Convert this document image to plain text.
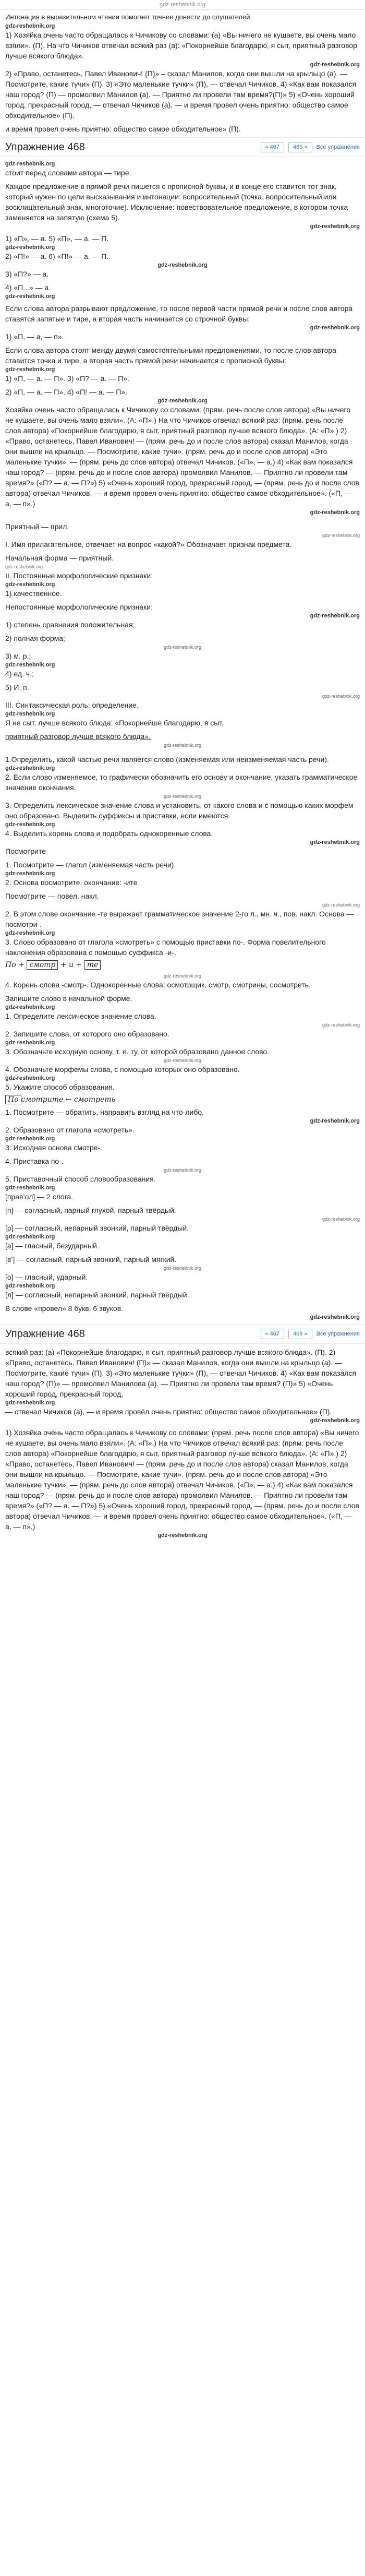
gdz-reshebnik.org

Интонация в выразительном чтении помогает точнее донести до слушателей

gdz-reshebnik.org

1) Хозяйка очень часто обращалась к Чичикову со словами: (а) «Вы ничего не кушаете, вы очень мало взяли». (П). На что Чичиков отвечал всякий раз (а): «Покорнейше благодарю, я сыт, приятный разговор лучше всякого блюда».

gdz-reshebnik.org

2) «Право, останетесь, Павел Иванович! (П)» – сказал Манилов, когда они вышли на крыльцо (а). — Посмотрите, какие тучи» (П). 3) «Это маленькие тучки» (П), — отвечал Чичиков. 4) «Как вам показался наш город? (П) — промолвил Манилов (а). — Приятно ли провели там время?(П)» 5) «Очень хороший город, прекрасный город, — отвечал Чичиков (а), — и время провел очень приятно: общество самое обходительное» (П).

и время провел очень приятно: общество самое обходительное» (П).

Упражнение 468	« 467	469 »	Все упражнения
gdz-reshebnik.org

стоит перед словами автора — тире.

Каждое предложение в прямой речи пишется с прописной буквы, и в конце его ставится тот знак, который нужен по цели высказывания и интонации: вопросительный (точка, вопросительный или восклицательный знак, многоточие). Исключение: повествовательное предложение, в котором точка заменяется на запятую (схема 5).

gdz-reshebnik.org

1) «П», — а. 5) «П», — а. — П.

gdz-reshebnik.org

2) «П!» — а. 6) «П!» — а. — П.

gdz-reshebnik.org

3) «П?» — а.

4) «П...» — а.

gdz-reshebnik.org

Если слова автора разрывают предложение, то после первой части прямой речи и после слов автора ставятся запятые и тире, а вторая часть начинается со строчной буквы:

gdz-reshebnik.org

1) «П, — а, — п».

Если слова автора стоят между двумя самостоятельными предложениями, то после слов автора ставится точка и тире, а вторая часть прямой речи начинается с прописной буквы:

gdz-reshebnik.org

1) «П, — а. — П». 3) «П? — а. — П».

2) «П, — а. — П». 4) «П! — а. — П».

gdz-reshebnik.org

Хозяйка очень часто обращалась к Чичикову со словами: (прям. речь после слов автора) «Вы ничего не кушаете, вы очень мало взяли». (А: «П».) На что Чичиков отвечал всякий раз: (прям. речь после слов автора) «Покорнейше благодарю, я сыт, приятный разговор лучше всякого блюда». (А: «П».) 2) «Право, останетесь, Павел Иванович! — (прям. речь до и после слов автора) сказал Манилов, когда они вышли на крыльцо. — Посмотрите, какие тучи». (прям. речь до и после слов автора) «Это маленькие тучки», — (прям. речь до слов автора) отвечал Чичиков. («П», — а.) 4) «Как вам показался наш город? — (прям. речь до и после слов автора) промолвил Манилов. — Приятно ли провели там время?» («П? — а. — П?») 5) «Очень хороший город, прекрасный город, — (прям. речь до и после слов автора) отвечал Чичиков, — и время провел очень приятно: общество самое обходительное». («П, — а, — п».)

gdz-reshebnik.org

Приятный — прил.

gdz-reshebnik.org

I. Имя прилагательное, отвечает на вопрос «какой?» Обозначает признак предмета.

Начальная форма — приятный.

gdz-reshebnik.org

II. Постоянные морфологические признаки:

gdz-reshebnik.org

1) качественное.

Непостоянные морфологические признаки:

gdz-reshebnik.org

1) степень сравнения положительная;

2) полная форма;

gdz-reshebnik.org

3) м. р.;

gdz-reshebnik.org

4) ед. ч.;

5) И. п.

gdz-reshebnik.org

III. Синтаксическая роль: определение.

gdz-reshebnik.org

Я не сыт, лучше всякого блюда: «Покорнейше благодарю, я сыт,

приятный разговор лучше всякого блюда».

gdz-reshebnik.org

1.Определить, какой частью речи является слово (изменяемая или неизменяемая часть речи).

gdz-reshebnik.org

2. Если слово изменяемое, то графически обозначить его основу и окончание, указать грамматическое значение окончания.

gdz-reshebnik.org

3. Определить лексическое значение слова и установить, от какого слова и с помощью каких морфем оно образовано. Выделить суффиксы и приставки, если имеются.

gdz-reshebnik.org

4. Выделить корень слова и подобрать однокоренные слова.

gdz-reshebnik.org

Посмотрите

1. Посмотрите — глагол (изменяемая часть речи).

gdz-reshebnik.org

2. Основа посмотрите, окончание: -ите

Посмотрите — повел. накл.

gdz-reshebnik.org

2. В этом слове окончание -те выражает грамматическое значение 2-го л., мн. ч., пов. накл. Основа — посмотри-.

gdz-reshebnik.org

3. Слово образовано от глагола «смотреть» с помощью приставки по-. Форма повелительного наклонения образована с помощью суффикса -и-.

По + смотр + и + те
gdz-reshebnik.org

4. Корень слова -смотр-. Однокоренные слова: осмотрщик, смотр, смотрины, сосмотреть.

Запишите слово в начальной форме.

gdz-reshebnik.org

1. Определите лексическое значение слова.

gdz-reshebnik.org

2. Запишите слова, от которого оно образовано.

gdz-reshebnik.org

3. Обозначьте исходную основу, т. е. ту, от которой образовано данное слово.

gdz-reshebnik.org

4. Обозначьте морфемы слова, с помощью которых оно образовано.

gdz-reshebnik.org

5. Укажите способ образования.

По смотрите ← смотреть

1. Посмотрите — обратить, направить взгляд на что-либо.

gdz-reshebnik.org

2. Образовано от глагола «смотреть».

gdz-reshebnik.org

3. Исходная основа смотре-.

4. Приставка по-.

gdz-reshebnik.org

5. Приставочный способ словообразования.

gdz-reshebnik.org

[прав’ол] — 2 слога.

[п] — согласный, парный глухой, парный твёрдый.

gdz-reshebnik.org

[р] — согласный, непарный звонкий, парный твёрдый.

gdz-reshebnik.org

[а] — гласный, безударный.

[в’] — согласный, парный звонкий, парный мягкий.

gdz-reshebnik.org

[о] — гласный, ударный.

gdz-reshebnik.org

[л] — согласный, непарный звонкий, парный твёрдый.

В слове «провел» 8 букв, 6 звуков.

gdz-reshebnik.org
Упражнение 468	« 467	469 »	Все упражнения

всякий раз: (а) «Покорнейше благодарю, я сыт, приятный разговор лучше всякого блюда». (П). 2) «Право, останетесь, Павел Иванович! (П)» — сказал Манилов, когда они вышли на крыльцо (а). — Посмотрите, какие тучи» (П). 3) «Это маленькие тучки» (П), — отвечал Чичиков. 4) «Как вам показался наш город? (П)» — промолвил Манилова (а). — Приятно ли провели там время? (П)» 5) «Очень хороший город, прекрасный город,

gdz-reshebnik.org

— отвечал Чичиков (а), — и время провёл очень приятно: общество самое обходительное» (П).

gdz-reshebnik.org

1) Хозяйка очень часто обращалась к Чичикову со словами: (прям. речь после слов автора) «Вы ничего не кушаете, вы очень мало взяли». (А: «П».) На что Чичиков отвечал всякий раз: (прям. речь после слов автора) «Покорнейше благодарю, я сыт, приятный разговор лучше всякого блюда». (А: «П».) 2) «Право, останетесь, Павел Иванович! — (прям. речь до и после слов автора) сказал Манилов, когда они вышли на крыльцо. — Посмотрите, какие тучи». (прям. речь до и после слов автора) «Это маленькие тучки», — (прям. речь до слов автора) отвечал Чичиков. («П», — а.) 4) «Как вам показался наш город? — (прям. речь до и после слов автора) промолвил Манилов. — Приятно ли провели там время?» («П? — а. — П?») 5) «Очень хороший город, прекрасный город, — (прям. речь до и после слов автора) отвечал Чичиков, — и время провел очень приятно: общество самое обходительное». («П, — а, — п».)

gdz-reshebnik.org
